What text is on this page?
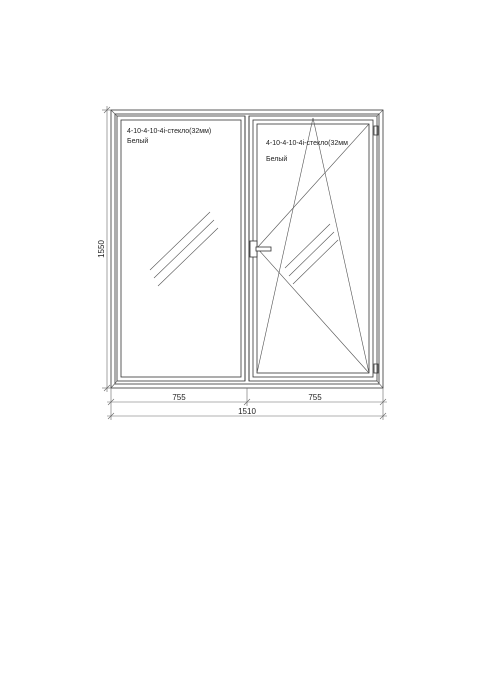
4-10-4-10-4i-стекло(32мм)
Белый	4-10-4-10-4i-стекло(32мм
Белый
1550
755	755
1510
